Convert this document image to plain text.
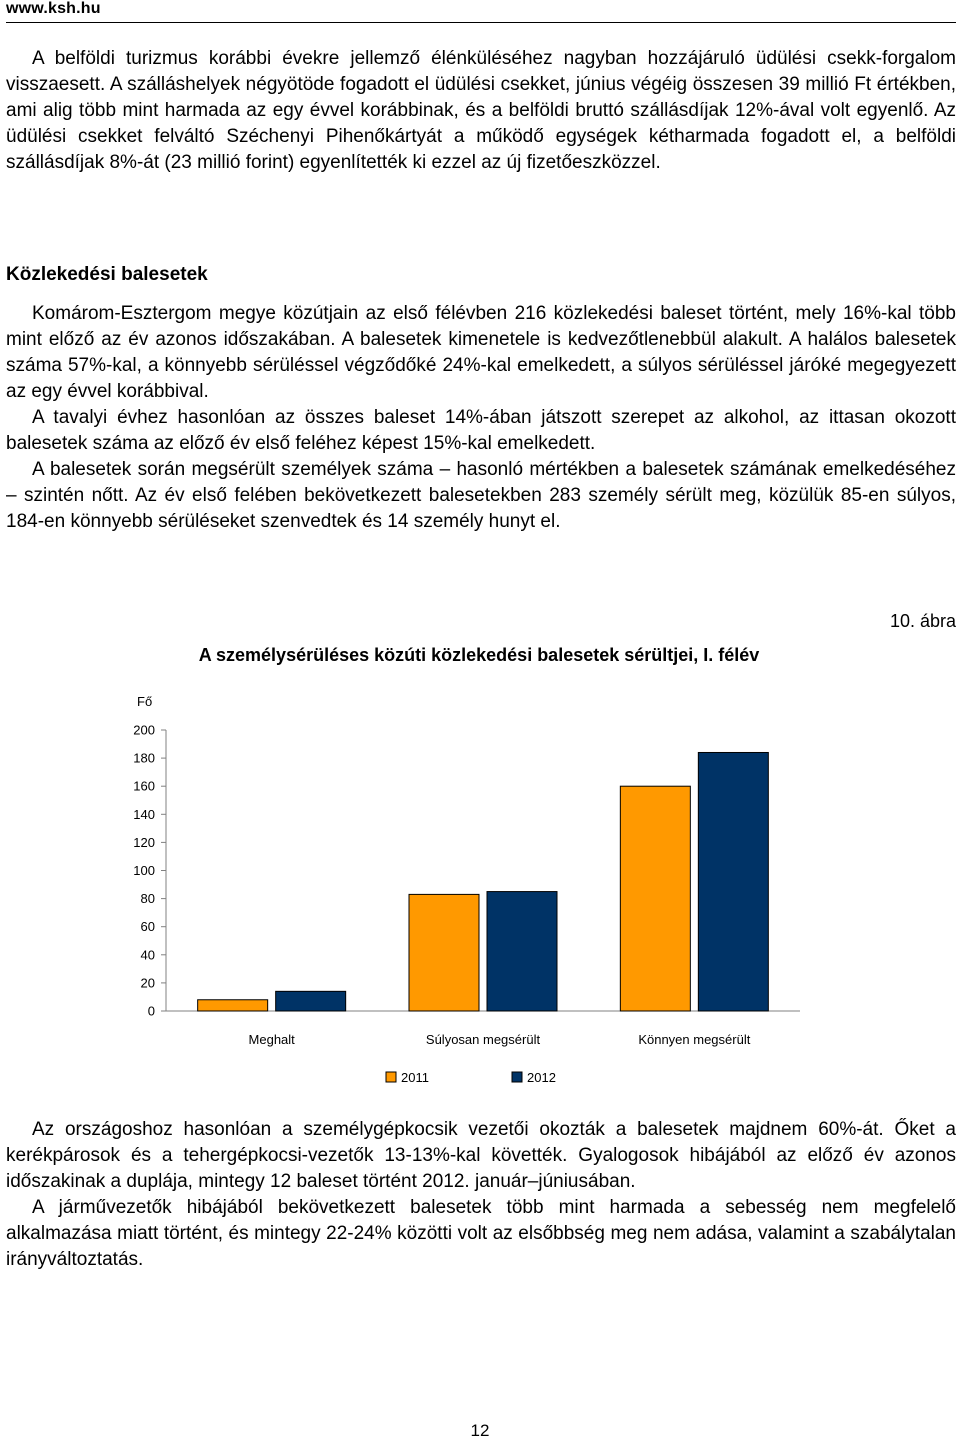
www.ksh.hu

A belföldi turizmus korábbi évekre jellemző élénküléséhez nagyban hozzájáruló üdülési csekk-forgalom visszaesett. A szálláshelyek négyötöde fogadott el üdülési csekket, június végéig összesen 39 millió Ft értékben, ami alig több mint harmada az egy évvel korábbinak, és a belföldi bruttó szállásdíjak 12%-ával volt egyenlő. Az üdülési csekket felváltó Széchenyi Pihenőkártyát a működő egységek kétharmada fogadott el, a belföldi szállásdíjak 8%-át (23 millió forint) egyenlítették ki ezzel az új fizetőeszközzel.

Közlekedési balesetek

Komárom-Esztergom megye közútjain az első félévben 216 közlekedési baleset történt, mely 16%-kal több mint előző az év azonos időszakában. A balesetek kimenetele is kedvezőtlenebbül alakult. A halálos balesetek száma 57%-kal, a könnyebb sérüléssel végződőké 24%-kal emelkedett, a súlyos sérüléssel járóké megegyezett az egy évvel korábbival.

A tavalyi évhez hasonlóan az összes baleset 14%-ában játszott szerepet az alkohol, az ittasan okozott balesetek száma az előző év első feléhez képest 15%-kal emelkedett.

A balesetek során megsérült személyek száma – hasonló mértékben a balesetek számának emelkedéséhez – szintén nőtt. Az év első felében bekövetkezett balesetekben 283 személy sérült meg, közülük 85-en súlyos, 184-en könnyebb sérüléseket szenvedtek és 14 személy hunyt el.

10. ábra
A személysérüléses közúti közlekedési balesetek sérültjei, I. félév
Fő
0
20
40
60
80
100
120
140
160
180
200
Meghalt	Súlyosan megsérült	Könnyen megsérült
2011	2012

Az országoshoz hasonlóan a személygépkocsik vezetői okozták a balesetek majdnem 60%-át. Őket a kerékpárosok és a tehergépkocsi-vezetők 13-13%-kal követték. Gyalogosok hibájából az előző év azonos időszakinak a duplája, mintegy 12 baleset történt 2012. január–júniusában.

A járművezetők hibájából bekövetkezett balesetek több mint harmada a sebesség nem megfelelő alkalmazása miatt történt, és mintegy 22-24% közötti volt az elsőbbség meg nem adása, valamint a szabálytalan irányváltoztatás.

12
